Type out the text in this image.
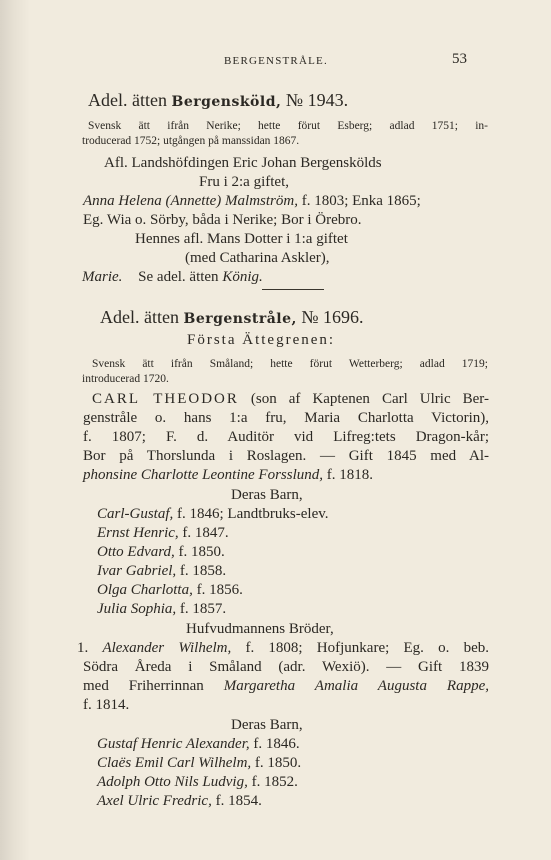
BERGENSTRÅLE.	53
Adel. ätten Bergensköld, № 1943.
Svensk ätt ifrån Nerike; hette förut Esberg; adlad 1751; in-
troducerad 1752; utgången på manssidan 1867.
Afl. Landshöfdingen Eric Johan Bergenskölds
Fru i 2:a giftet,
Anna Helena (Annette) Malmström, f. 1803; Enka 1865;
Eg. Wia o. Sörby, båda i Nerike; Bor i Örebro.
Hennes afl. Mans Dotter i 1:a giftet
(med Catharina Askler),
Marie. Se adel. ätten König.
Adel. ätten Bergenstråle, № 1696.
Första Ättegrenen:
Svensk ätt ifrån Småland; hette förut Wetterberg; adlad 1719;
introducerad 1720.
CARL THEODOR (son af Kaptenen Carl Ulric Ber-
genstråle o. hans 1:a fru, Maria Charlotta Victorin),
f. 1807; F. d. Auditör vid Lifreg:tets Dragon-kår;
Bor på Thorslunda i Roslagen. — Gift 1845 med Al-
phonsine Charlotte Leontine Forsslund, f. 1818.
Deras Barn,
Carl-Gustaf, f. 1846; Landtbruks-elev.
Ernst Henric, f. 1847.
Otto Edvard, f. 1850.
Ivar Gabriel, f. 1858.
Olga Charlotta, f. 1856.
Julia Sophia, f. 1857.
Hufvudmannens Bröder,
1. Alexander Wilhelm, f. 1808; Hofjunkare; Eg. o. beb.
Södra Åreda i Småland (adr. Wexiö). — Gift 1839
med Friherrinnan Margaretha Amalia Augusta Rappe,
f. 1814.
Deras Barn,
Gustaf Henric Alexander, f. 1846.
Claës Emil Carl Wilhelm, f. 1850.
Adolph Otto Nils Ludvig, f. 1852.
Axel Ulric Fredric, f. 1854.
